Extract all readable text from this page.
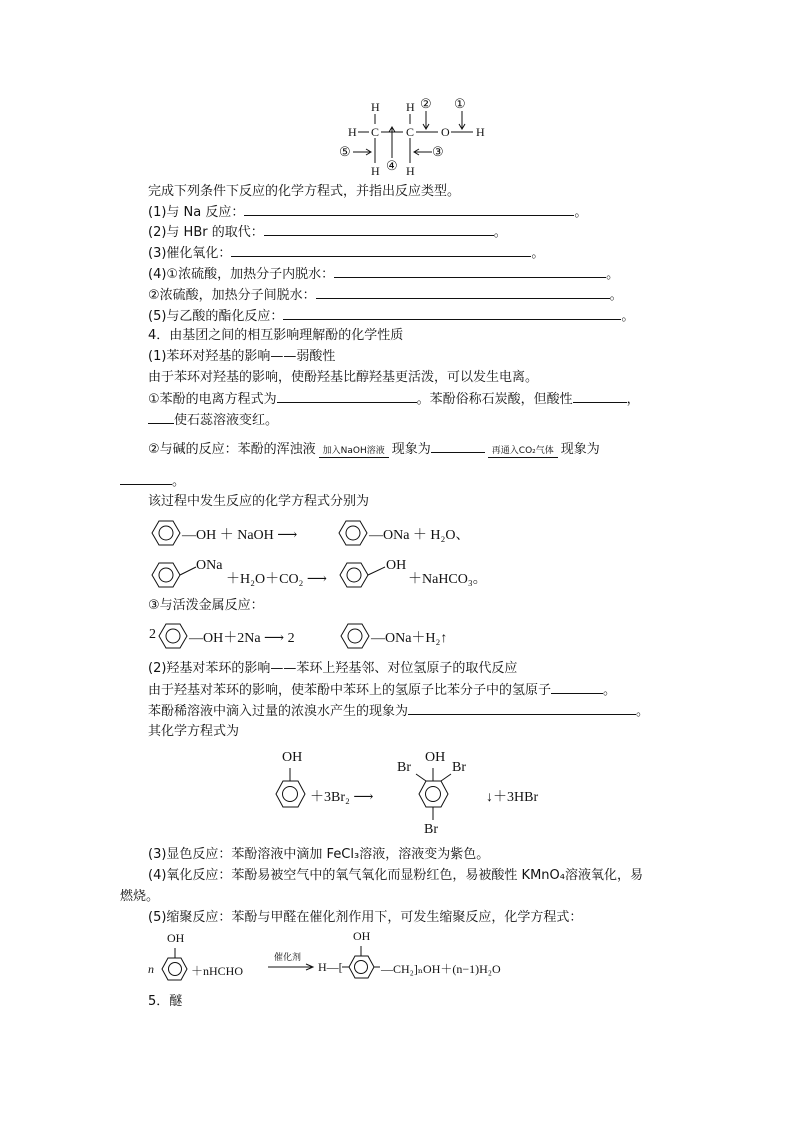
H H
H C C O H
H H
①
②
③
④
⑤
完成下列条件下反应的化学方程式，并指出反应类型。
(1)与 Na 反应：	。
(2)与 HBr 的取代：	。
(3)催化氧化：	。
(4)①浓硫酸，加热分子内脱水：	。
②浓硫酸，加热分子间脱水：	。
(5)与乙酸的酯化反应：	。
4．由基团之间的相互影响理解酚的化学性质
(1)苯环对羟基的影响——弱酸性
由于苯环对羟基的影响，使酚羟基比醇羟基更活泼，可以发生电离。
①苯酚的电离方程式为	。苯酚俗称石炭酸，但酸性	，
使石蕊溶液变红。
②与碱的反应：苯酚的浑浊液 加入NaOH溶液 现象为	再通入CO₂气体 现象为
。
该过程中发生反应的化学方程式分别为
—OH ＋ NaOH ⟶	—ONa ＋ H₂O、
ONa
＋H₂O＋CO₂ ⟶
OH
＋NaHCO₃。
③与活泼金属反应：
2 —OH＋2Na ⟶ 2	—ONa＋H₂↑
(2)羟基对苯环的影响——苯环上羟基邻、对位氢原子的取代反应
由于羟基对苯环的影响，使苯酚中苯环上的氢原子比苯分子中的氢原子	。
苯酚稀溶液中滴入过量的浓溴水产生的现象为	。
其化学方程式为
OH
＋3Br₂ ⟶
OH
Br	Br
Br
↓＋3HBr
(3)显色反应：苯酚溶液中滴加 FeCl₃溶液，溶液变为紫色。
(4)氧化反应：苯酚易被空气中的氧气氧化而显粉红色，易被酸性 KMnO₄溶液氧化，易
燃烧。
(5)缩聚反应：苯酚与甲醛在催化剂作用下，可发生缩聚反应，化学方程式：
OH
n	＋nHCHO
催化剂
OH
H—[	—CH₂]ₙOH＋(n−1)H₂O
5．醚
